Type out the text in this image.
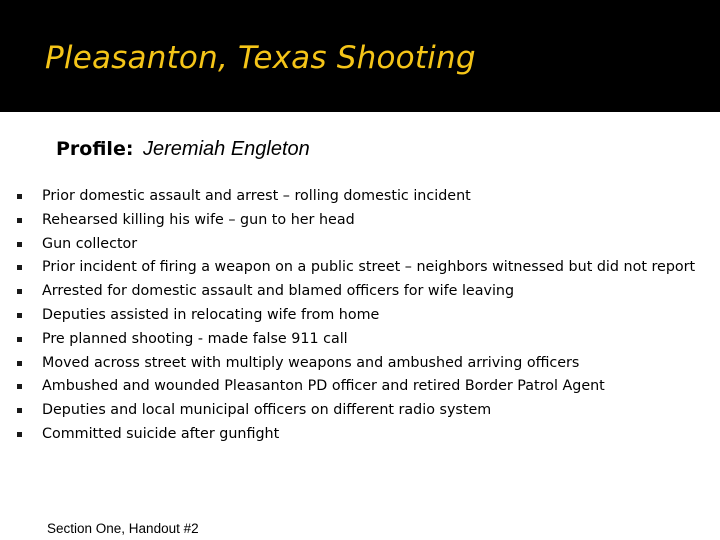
Pleasanton, Texas Shooting
Profile: Jeremiah Engleton
Prior domestic assault and arrest – rolling domestic incident
Rehearsed killing his wife – gun to her head
Gun collector
Prior incident of firing a weapon on a public street – neighbors witnessed but did not report
Arrested for domestic assault and blamed officers for wife leaving
Deputies assisted in relocating wife from home
Pre planned shooting - made false 911 call
Moved across street with multiply weapons and ambushed arriving officers
Ambushed and wounded Pleasanton PD officer and retired Border Patrol Agent
Deputies and local municipal officers on different radio system
Committed suicide after gunfight
Section One, Handout #2
